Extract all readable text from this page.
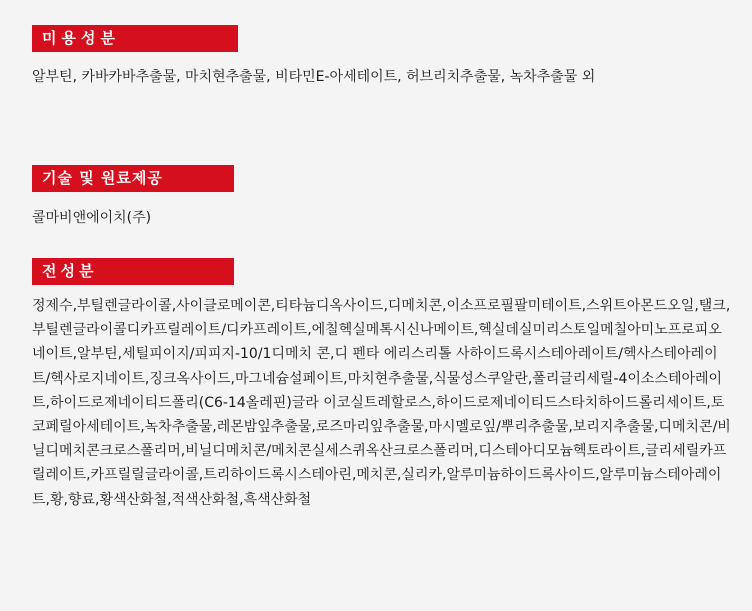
미용성분
알부틴, 카바카바추출물, 마치현추출물, 비타민E-아세테이트, 허브리치추출물, 녹차추출물 외
기술 및 원료제공
콜마비앤에이치(주)
전성분
정제수,부틸렌글라이콜,사이클로메이콘,티타늄디옥사이드,디메치콘,이소프로필팔미테이트,스위트아몬드오일,탤크,부틸렌글라이콜디카프릴레이트/디카프레이트,에칠헥실메톡시신나메이트,헥실데실미리스토일메칠아미노프로피오네이트,알부틴,세틸피이지/피피지-10/1디메치 콘,디 펜타 에리스리톨 사하이드록시스테아레이트/헥사스테아레이트/헥사로지네이트,징크옥사이드,마그네슘설페이트,마치현추출물,식물성스쿠알란,폴리글리세릴-4이소스테아레이트,하이드로제네이티드폴리(C6-14올레핀)글라 이코실트레할로스,하이드로제네이티드스타치하이드롤리세이트,토코페릴아세테이트,녹차추출물,레몬밤잎추출물,로즈마리잎추출물,마시멜로잎/뿌리추출물,보리지추출물,디메치콘/비닐디메치콘크로스폴리머,비닐디메치콘/메치콘실세스퀴옥산크로스폴리머,디스테아디모늄헥토라이트,글리세릴카프릴레이트,카프릴릴글라이콜,트리하이드록시스테아린,메치콘,실리카,알루미늄하이드록사이드,알루미늄스테아레이트,황,향료,황색산화철,적색산화철,흑색산화철
